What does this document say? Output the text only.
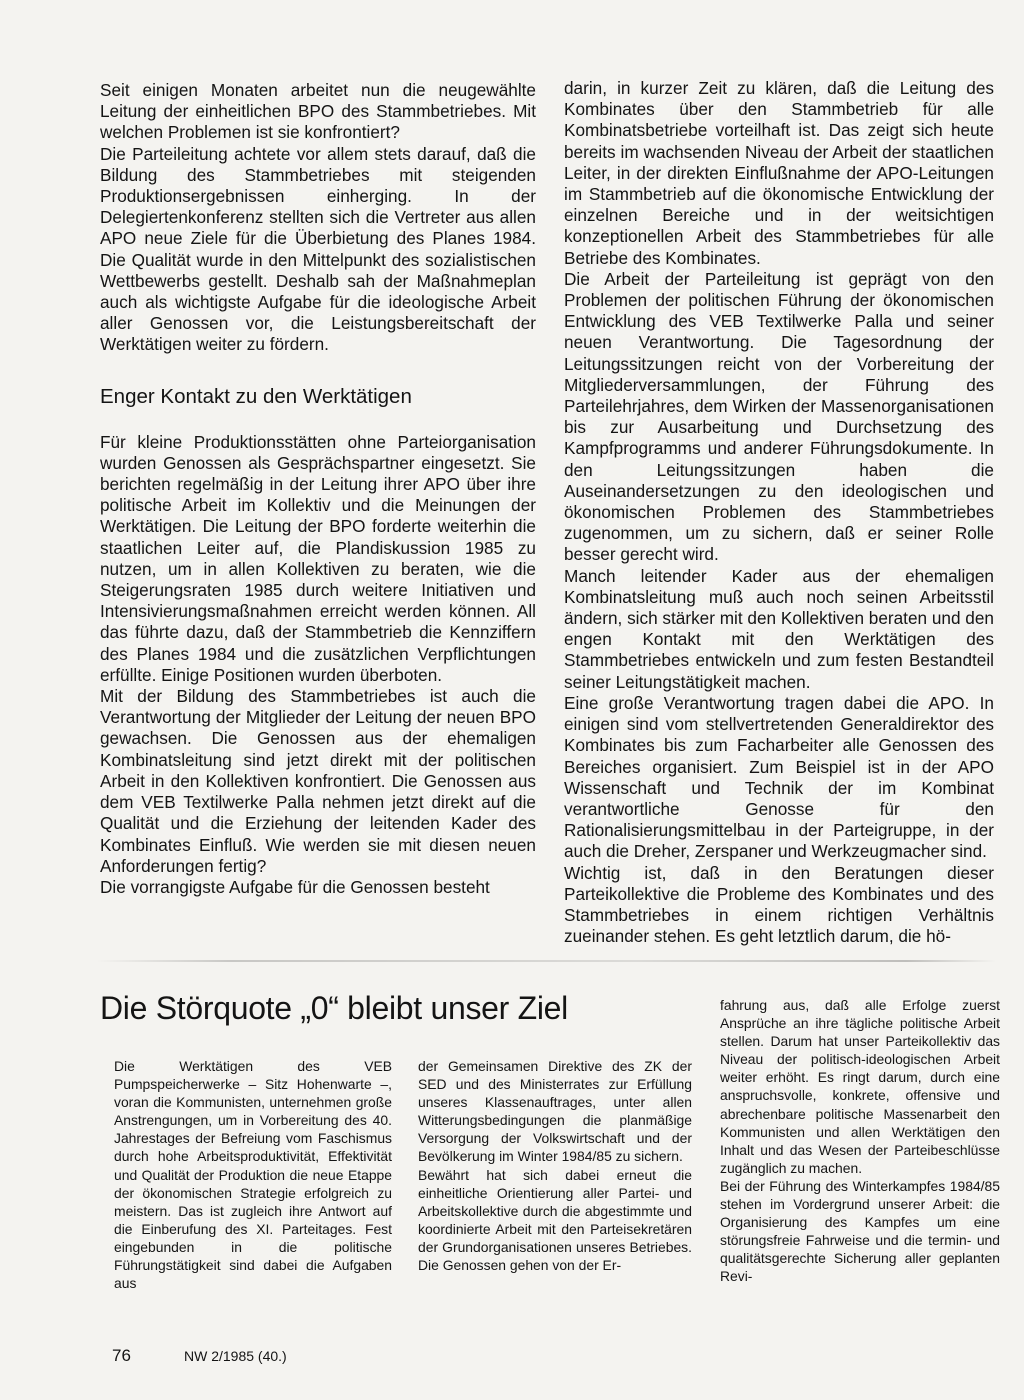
Seit einigen Monaten arbeitet nun die neugewählte Leitung der einheitlichen BPO des Stammbetriebes. Mit welchen Problemen ist sie konfrontiert?

Die Parteileitung achtete vor allem stets darauf, daß die Bildung des Stammbetriebes mit steigenden Produktionsergebnissen einherging. In der Delegiertenkonferenz stellten sich die Vertreter aus allen APO neue Ziele für die Überbietung des Planes 1984. Die Qualität wurde in den Mittelpunkt des sozialistischen Wettbewerbs gestellt. Deshalb sah der Maßnahmeplan auch als wichtigste Aufgabe für die ideologische Arbeit aller Genossen vor, die Leistungsbereitschaft der Werktätigen weiter zu fördern.

Enger Kontakt zu den Werktätigen

Für kleine Produktionsstätten ohne Parteiorganisation wurden Genossen als Gesprächspartner eingesetzt. Sie berichten regelmäßig in der Leitung ihrer APO über ihre politische Arbeit im Kollektiv und die Meinungen der Werktätigen. Die Leitung der BPO forderte weiterhin die staatlichen Leiter auf, die Plandiskussion 1985 zu nutzen, um in allen Kollektiven zu beraten, wie die Steigerungsraten 1985 durch weitere Initiativen und Intensivierungsmaßnahmen erreicht werden können. All das führte dazu, daß der Stammbetrieb die Kennziffern des Planes 1984 und die zusätzlichen Verpflichtungen erfüllte. Einige Positionen wurden überboten.

Mit der Bildung des Stammbetriebes ist auch die Verantwortung der Mitglieder der Leitung der neuen BPO gewachsen. Die Genossen aus der ehemaligen Kombinatsleitung sind jetzt direkt mit der politischen Arbeit in den Kollektiven konfrontiert. Die Genossen aus dem VEB Textilwerke Palla nehmen jetzt direkt auf die Qualität und die Erziehung der leitenden Kader des Kombinates Einfluß. Wie werden sie mit diesen neuen Anforderungen fertig?

Die vorrangigste Aufgabe für die Genossen besteht

darin, in kurzer Zeit zu klären, daß die Leitung des Kombinates über den Stammbetrieb für alle Kombinatsbetriebe vorteilhaft ist. Das zeigt sich heute bereits im wachsenden Niveau der Arbeit der staatlichen Leiter, in der direkten Einflußnahme der APO-Leitungen im Stammbetrieb auf die ökonomische Entwicklung der einzelnen Bereiche und in der weitsichtigen konzeptionellen Arbeit des Stammbetriebes für alle Betriebe des Kombinates.

Die Arbeit der Parteileitung ist geprägt von den Problemen der politischen Führung der ökonomischen Entwicklung des VEB Textilwerke Palla und seiner neuen Verantwortung. Die Tagesordnung der Leitungssitzungen reicht von der Vorbereitung der Mitgliederversammlungen, der Führung des Parteilehrjahres, dem Wirken der Massenorganisationen bis zur Ausarbeitung und Durchsetzung des Kampfprogramms und anderer Führungsdokumente. In den Leitungssitzungen haben die Auseinandersetzungen zu den ideologischen und ökonomischen Problemen des Stammbetriebes zugenommen, um zu sichern, daß er seiner Rolle besser gerecht wird.

Manch leitender Kader aus der ehemaligen Kombinatsleitung muß auch noch seinen Arbeitsstil ändern, sich stärker mit den Kollektiven beraten und den engen Kontakt mit den Werktätigen des Stammbetriebes entwickeln und zum festen Bestandteil seiner Leitungstätigkeit machen.

Eine große Verantwortung tragen dabei die APO. In einigen sind vom stellvertretenden Generaldirektor des Kombinates bis zum Facharbeiter alle Genossen des Bereiches organisiert. Zum Beispiel ist in der APO Wissenschaft und Technik der im Kombinat verantwortliche Genosse für den Rationalisierungsmittelbau in der Parteigruppe, in der auch die Dreher, Zerspaner und Werkzeugmacher sind.

Wichtig ist, daß in den Beratungen dieser Parteikollektive die Probleme des Kombinates und des Stammbetriebes in einem richtigen Verhältnis zueinander stehen. Es geht letztlich darum, die hö-

Die Störquote „0“ bleibt unser Ziel

Die Werktätigen des VEB Pumpspeicherwerke – Sitz Hohenwarte –, voran die Kommunisten, unternehmen große Anstrengungen, um in Vorbereitung des 40. Jahrestages der Befreiung vom Faschismus durch hohe Arbeitsproduktivität, Effektivität und Qualität der Produktion die neue Etappe der ökonomischen Strategie erfolgreich zu meistern. Das ist zugleich ihre Antwort auf die Einberufung des XI. Parteitages. Fest eingebunden in die politische Führungstätigkeit sind dabei die Aufgaben aus

der Gemeinsamen Direktive des ZK der SED und des Ministerrates zur Erfüllung unseres Klassenauftrages, unter allen Witterungsbedingungen die planmäßige Versorgung der Volkswirtschaft und der Bevölkerung im Winter 1984/85 zu sichern.

Bewährt hat sich dabei erneut die einheitliche Orientierung aller Partei- und Arbeitskollektive durch die abgestimmte und koordinierte Arbeit mit den Parteisekretären der Grundorganisationen unseres Betriebes. Die Genossen gehen von der Er-

fahrung aus, daß alle Erfolge zuerst Ansprüche an ihre tägliche politische Arbeit stellen. Darum hat unser Parteikollektiv das Niveau der politisch-ideologischen Arbeit weiter erhöht. Es ringt darum, durch eine anspruchsvolle, konkrete, offensive und abrechenbare politische Massenarbeit den Kommunisten und allen Werktätigen den Inhalt und das Wesen der Parteibeschlüsse zugänglich zu machen.

Bei der Führung des Winterkampfes 1984/85 stehen im Vordergrund unserer Arbeit: die Organisierung des Kampfes um eine störungsfreie Fahrweise und die termin- und qualitätsgerechte Sicherung aller geplanten Revi-

76	NW 2/1985 (40.)
